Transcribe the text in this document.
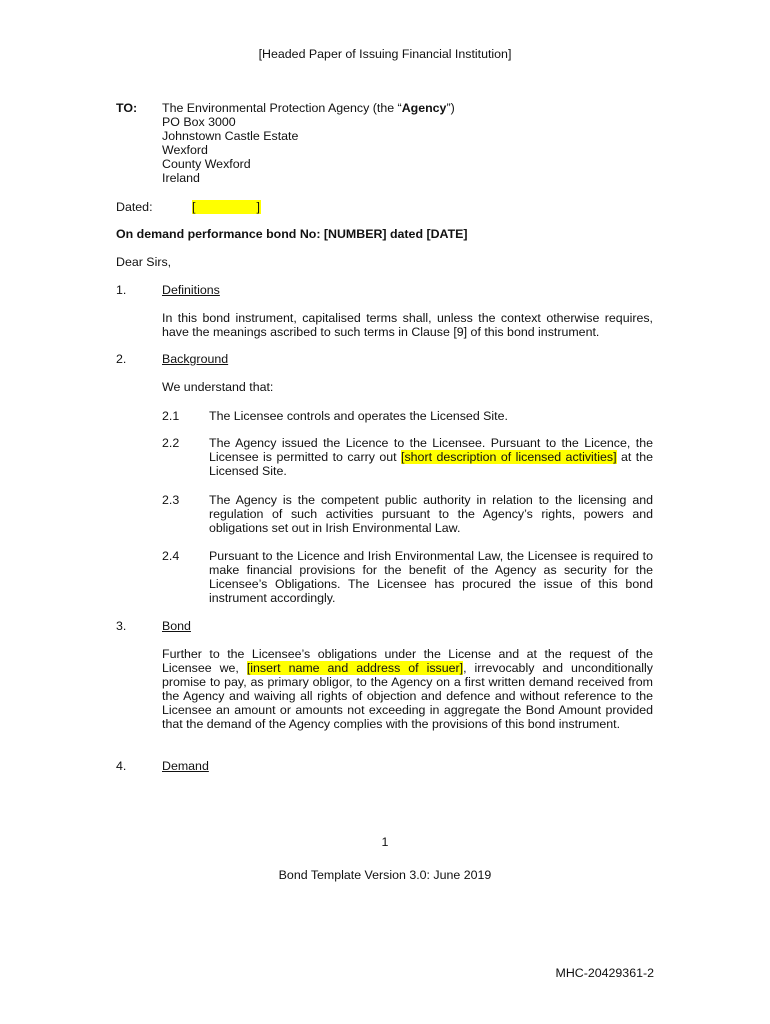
[Headed Paper of Issuing Financial Institution]
TO: The Environmental Protection Agency (the “Agency”)
PO Box 3000
Johnstown Castle Estate
Wexford
County Wexford
Ireland
Dated:	[	]

On demand performance bond No: [NUMBER] dated [DATE]
Dear Sirs,
1.	Definitions

In this bond instrument, capitalised terms shall, unless the context otherwise requires, have the meanings ascribed to such terms in Clause [9] of this bond instrument.

2.	Background
We understand that:
2.1 The Licensee controls and operates the Licensed Site.

2.2 The Agency issued the Licence to the Licensee. Pursuant to the Licence, the Licensee is permitted to carry out [short description of licensed activities] at the Licensed Site.

2.3 The Agency is the competent public authority in relation to the licensing and regulation of such activities pursuant to the Agency’s rights, powers and obligations set out in Irish Environmental Law.

2.4 Pursuant to the Licence and Irish Environmental Law, the Licensee is required to make financial provisions for the benefit of the Agency as security for the Licensee’s Obligations. The Licensee has procured the issue of this bond instrument accordingly.

3.	Bond

Further to the Licensee’s obligations under the License and at the request of the Licensee we, [insert name and address of issuer], irrevocably and unconditionally promise to pay, as primary obligor, to the Agency on a first written demand received from the Agency and waiving all rights of objection and defence and without reference to the Licensee an amount or amounts not exceeding in aggregate the Bond Amount provided that the demand of the Agency complies with the provisions of this bond instrument.

4.	Demand
1
Bond Template Version 3.0: June 2019
MHC-20429361-2
